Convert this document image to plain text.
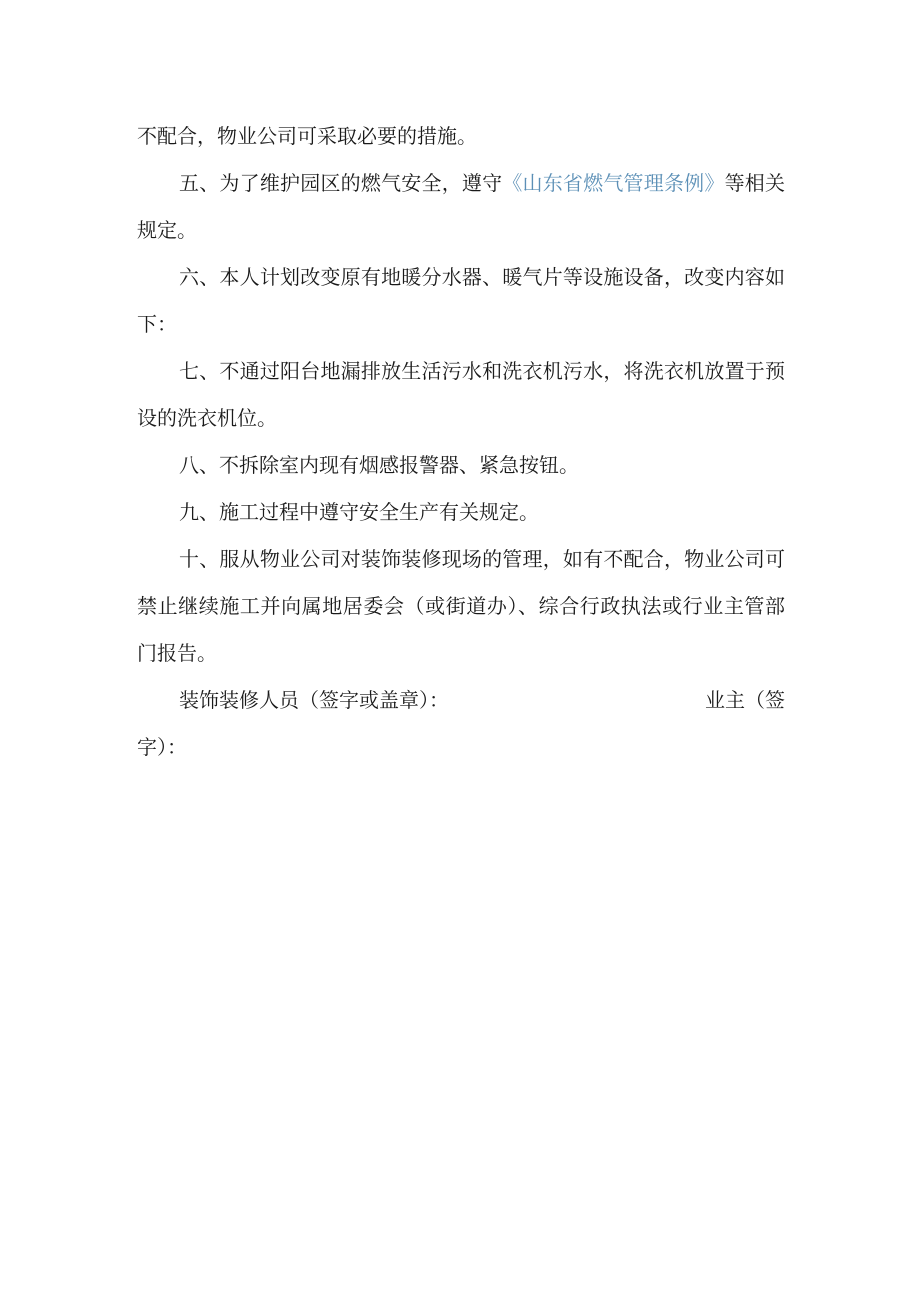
不配合，物业公司可采取必要的措施。

五、为了维护园区的燃气安全，遵守《山东省燃气管理条例》等相关规定。

六、本人计划改变原有地暖分水器、暖气片等设施设备，改变内容如下：

七、不通过阳台地漏排放生活污水和洗衣机污水，将洗衣机放置于预设的洗衣机位。

八、不拆除室内现有烟感报警器、紧急按钮。

九、施工过程中遵守安全生产有关规定。

十、服从物业公司对装饰装修现场的管理，如有不配合，物业公司可禁止继续施工并向属地居委会（或街道办）、综合行政执法或行业主管部门报告。

装饰装修人员（签字或盖章）：	业主（签

字）：
